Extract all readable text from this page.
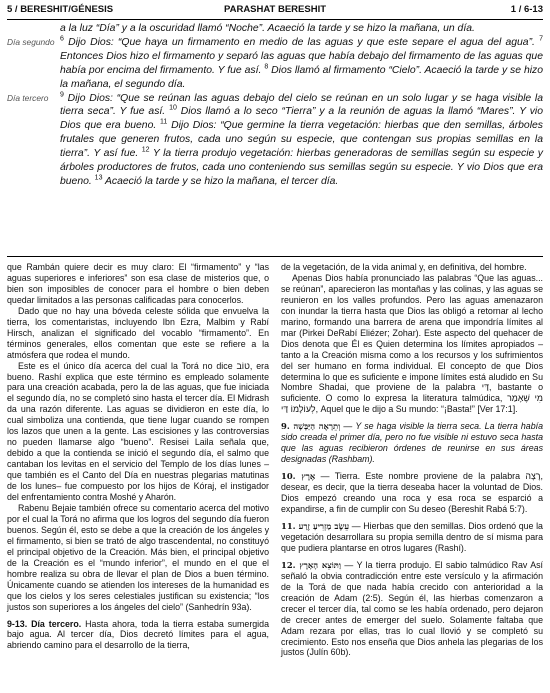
5 / BERESHIT/GÉNESIS	PARASHAT BERESHIT	1 / 6-13
a la luz “Día” y a la oscuridad llamó “Noche”. Acaeció la tarde y se hizo la mañana, un día.
Día segundo $^6$ Dijo Dios: “Que haya un firmamento en medio de las aguas y que este separe el agua del agua”. $^7$ Entonces Dios hizo el firmamento y separó las aguas que había debajo del firmamento de las aguas que había por encima del firmamento. Y fue así. $^8$ Dios llamó al firmamento “Cielo”. Acaeció la tarde y se hizo la mañana, el segundo día.
Día tercero	$^9$ Dijo Dios: “Que se reúnan las aguas debajo del cielo se reúnan en un solo lugar y se haga visible la tierra seca”. Y fue así. $^{10}$ Dios llamó a lo seco “Tierra” y a la reunión de aguas la llamó “Mares”. Y vio Dios que era bueno. $^{11}$ Dijo Dios: “Que germine la tierra vegetación: hierbas que den semillas, árboles frutales que generen frutos, cada uno según su especie, que contengan sus propias semillas en la tierra”. Y así fue. $^{12}$ Y la tierra produjo vegetación: hierbas generadoras de semillas según su especie y árboles productores de frutos, cada uno conteniendo sus semillas según su especie. Y vio Dios que era bueno. $^{13}$ Acaeció la tarde y se hizo la mañana, el tercer día.

que Rambán quiere decir es muy claro: El “firmamento” y “las aguas superiores e inferiores” son esa clase de misterios que, o bien son imposibles de conocer para el hombre o bien deben quedar limitados a las personas calificadas para conocerlos.

Dado que no hay una bóveda celeste sólida que envuelva la tierra, los comentaristas, incluyendo Ibn Ezra, Malbim y Rabí Hirsch, analizan el significado del vocablo “firmamento”. En términos generales, ellos comentan que este se refiere a la atmósfera que rodea el mundo.

Este es el único día acerca del cual la Torá no dice טוֹב, era bueno. Rashí explica que este término es empleado solamente para una creación acabada, pero la de las aguas, que fue iniciada el segundo día, no se completó sino hasta el tercer día. El Midrash da una razón diferente. Las aguas se dividieron en este día, lo cual simboliza una contienda, que tiene lugar cuando se rompen los lazos que unen a la gente. Las escisiones y las controversias no pueden llamarse algo “bueno”. Resisei Laila señala que, debido a que la contienda se inició el segundo día, el salmo que cantaban los levitas en el servicio del Templo de los días lunes –que también es el Canto del Día en nuestras plegarias matutinas de los lunes– fue compuesto por los hijos de Kóraj, el instigador del enfrentamiento contra Moshé y Aharón.

Rabenu Bejaie también ofrece su comentario acerca del motivo por el cual la Torá no afirma que los logros del segundo día fueron buenos. Según él, esto se debe a que la creación de los ángeles y el firmamento, si bien se trató de algo trascendental, no constituyó el principal objetivo de la Creación. Más bien, el principal objetivo de la Creación es el “mundo inferior”, el mundo en el que el hombre realiza su obra de llevar el plan de Dios a buen término. Únicamente cuando se atienden los intereses de la humanidad es que los cielos y los seres celestiales justifican su existencia; “los justos son superiores a los ángeles del cielo” (Sanhedrín 93a).

9-13. Día tercero. Hasta ahora, toda la tierra estaba sumergida bajo agua. Al tercer día, Dios decretó límites para el agua, abriendo camino para el desarrollo de la tierra,

de la vegetación, de la vida animal y, en definitiva, del hombre.

Apenas Dios había pronunciado las palabras “Que las aguas... se reúnan”, aparecieron las montañas y las colinas, y las aguas se reunieron en los valles profundos. Pero las aguas amenazaron con inundar la tierra hasta que Dios las obligó a retornar al lecho marino, formando una barrera de arena que impondría límites al mar (Pirkei DeRabí Eliézer; Zohar). Este aspecto del quehacer de Dios denota que Él es Quien determina los límites apropiados –tanto a la Creación misma como a los recursos y los sufrimientos del ser humano en forma individual. El concepto de que Dios determina lo que es suficiente e impone límites está aludido en Su Nombre Shadai, que proviene de la palabra דַּי, bastante o suficiente. O como lo expresa la literatura talmúdica, מִי שֶׁאָמַר לְעוֹלָמוֹ דַּי, Aquel que le dijo a Su mundo: “¡Basta!” [Ver 17:1].

9. וְתֵרָאֶה הַיַּבָּשָׁה — Y se haga visible la tierra seca. La tierra había sido creada el primer día, pero no fue visible ni estuvo seca hasta que las aguas recibieron órdenes de reunirse en sus áreas designadas (Rashbam).

10. אֶרֶץ — Tierra. Este nombre proviene de la palabra רָצָה, desear, es decir, que la tierra deseaba hacer la voluntad de Dios. Dios empezó creando una roca y esa roca se esparció a expandirse, a fin de cumplir con Su deseo (Bereshit Rabá 5:7).

11. עֵשֶׂב מַזְרִיעַ זֶרַע — Hierbas que den semillas. Dios ordenó que la vegetación desarrollara su propia semilla dentro de sí misma para que pudiera plantarse en otros lugares (Rashí).

12. וַתּוֹצֵא הָאָרֶץ — Y la tierra produjo. El sabio talmúdico Rav Así señaló la obvia contradicción entre este versículo y la afirmación de la Torá de que nada había crecido con anterioridad a la creación de Adam (2:5). Según él, las hierbas comenzaron a crecer el tercer día, tal como se les había ordenado, pero dejaron de crecer antes de emerger del suelo. Solamente faltaba que Adam rezara por ellas, tras lo cual llovió y se completó su crecimiento. Esto nos enseña que Dios anhela las plegarias de los justos (Julín 60b).
